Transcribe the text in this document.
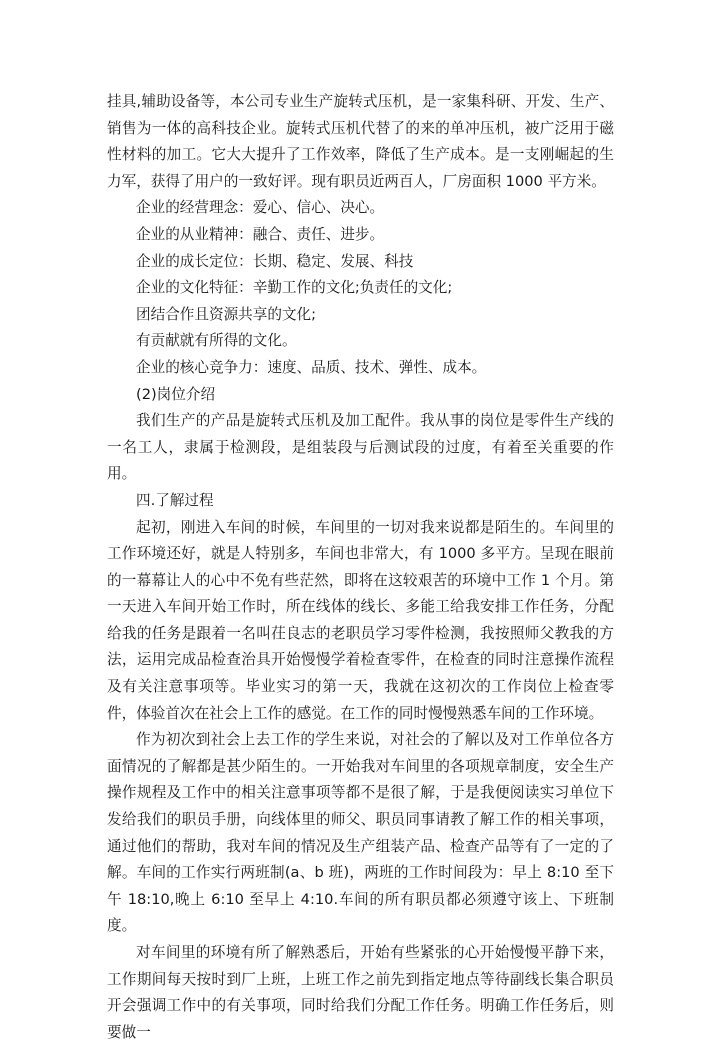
挂具,辅助设备等，本公司专业生产旋转式压机，是一家集科研、开发、生产、销售为一体的高科技企业。旋转式压机代替了的来的单冲压机，被广泛用于磁性材料的加工。它大大提升了工作效率，降低了生产成本。是一支刚崛起的生力军，获得了用户的一致好评。现有职员近两百人，厂房面积 1000 平方米。

企业的经营理念：爱心、信心、决心。

企业的从业精神：融合、责任、进步。

企业的成长定位：长期、稳定、发展、科技

企业的文化特征：辛勤工作的文化;负责任的文化;

团结合作且资源共享的文化;

有贡献就有所得的文化。

企业的核心竞争力：速度、品质、技术、弹性、成本。

(2)岗位介绍

我们生产的产品是旋转式压机及加工配件。我从事的岗位是零件生产线的一名工人，隶属于检测段，是组装段与后测试段的过度，有着至关重要的作用。

四.了解过程

起初，刚进入车间的时候，车间里的一切对我来说都是陌生的。车间里的工作环境还好，就是人特别多，车间也非常大，有 1000 多平方。呈现在眼前的一幕幕让人的心中不免有些茫然，即将在这较艰苦的环境中工作 1 个月。第一天进入车间开始工作时，所在线体的线长、多能工给我安排工作任务，分配给我的任务是跟着一名叫茌良志的老职员学习零件检测，我按照师父教我的方法，运用完成品检查治具开始慢慢学着检查零件，在检查的同时注意操作流程及有关注意事项等。毕业实习的第一天，我就在这初次的工作岗位上检查零件，体验首次在社会上工作的感觉。在工作的同时慢慢熟悉车间的工作环境。

作为初次到社会上去工作的学生来说，对社会的了解以及对工作单位各方面情况的了解都是甚少陌生的。一开始我对车间里的各项规章制度，安全生产操作规程及工作中的相关注意事项等都不是很了解，于是我便阅读实习单位下发给我们的职员手册，向线体里的师父、职员同事请教了解工作的相关事项，通过他们的帮助，我对车间的情况及生产组装产品、检查产品等有了一定的了解。车间的工作实行两班制(a、b 班)，两班的工作时间段为：早上 8:10 至下午 18:10,晚上 6:10 至早上 4:10.车间的所有职员都必须遵守该上、下班制度。

对车间里的环境有所了解熟悉后，开始有些紧张的心开始慢慢平静下来，工作期间每天按时到厂上班，上班工作之前先到指定地点等待副线长集合职员开会强调工作中的有关事项，同时给我们分配工作任务。明确工作任务后，则要做一
